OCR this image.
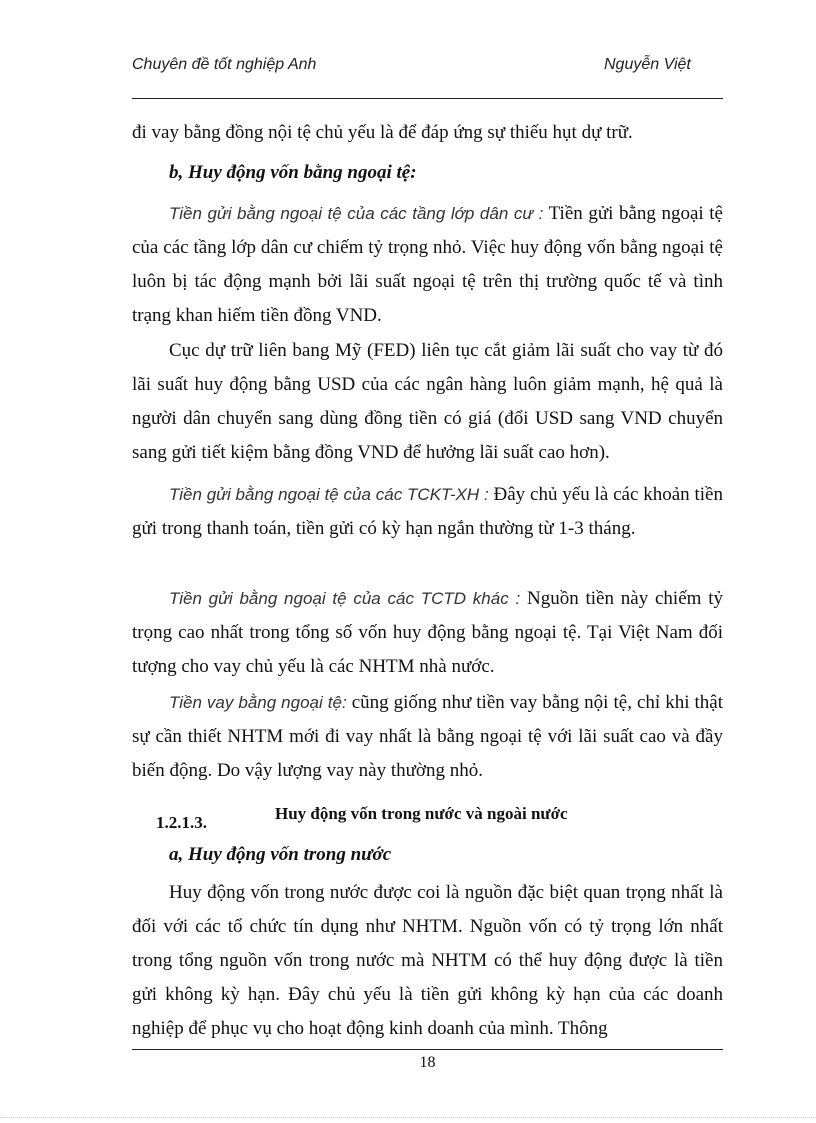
Chuyên đề tốt nghiệp Anh	Nguyễn Việt

đi vay bằng đồng nội tệ chủ yếu là để đáp ứng sự thiếu hụt dự trữ.

b, Huy động vốn bằng ngoại tệ:

Tiền gửi bằng ngoại tệ của các tầng lớp dân cư : Tiền gửi bằng ngoại tệ của các tầng lớp dân cư chiếm tỷ trọng nhỏ. Việc huy động vốn bằng ngoại tệ luôn bị tác động mạnh bởi lãi suất ngoại tệ trên thị trường quốc tế và tình trạng khan hiếm tiền đồng VND.

Cục dự trữ liên bang Mỹ (FED) liên tục cắt giảm lãi suất cho vay từ đó lãi suất huy động bằng USD của các ngân hàng luôn giảm mạnh, hệ quả là người dân chuyển sang dùng đồng tiền có giá (đổi USD sang VND chuyển sang gửi tiết kiệm bằng đồng VND để hưởng lãi suất cao hơn).

Tiền gửi bằng ngoại tệ của các TCKT-XH : Đây chủ yếu là các khoản tiền gửi trong thanh toán, tiền gửi có kỳ hạn ngắn thường từ 1-3 tháng.

Tiền gửi bằng ngoại tệ của các TCTD khác : Nguồn tiền này chiếm tỷ trọng cao nhất trong tổng số vốn huy động bằng ngoại tệ. Tại Việt Nam đối tượng cho vay chủ yếu là các NHTM nhà nước.

Tiền vay bằng ngoại tệ: cũng giống như tiền vay bằng nội tệ, chỉ khi thật sự cần thiết NHTM mới đi vay nhất là bằng ngoại tệ với lãi suất cao và đầy biến động. Do vậy lượng vay này thường nhỏ.

1.2.1.3.	Huy động vốn trong nước và ngoài nước
a, Huy động vốn trong nước

Huy động vốn trong nước được coi là nguồn đặc biệt quan trọng nhất là đối với các tổ chức tín dụng như NHTM. Nguồn vốn có tỷ trọng lớn nhất trong tổng nguồn vốn trong nước mà NHTM có thể huy động được là tiền gửi không kỳ hạn. Đây chủ yếu là tiền gửi không kỳ hạn của các doanh nghiệp để phục vụ cho hoạt động kinh doanh của mình. Thông

18
